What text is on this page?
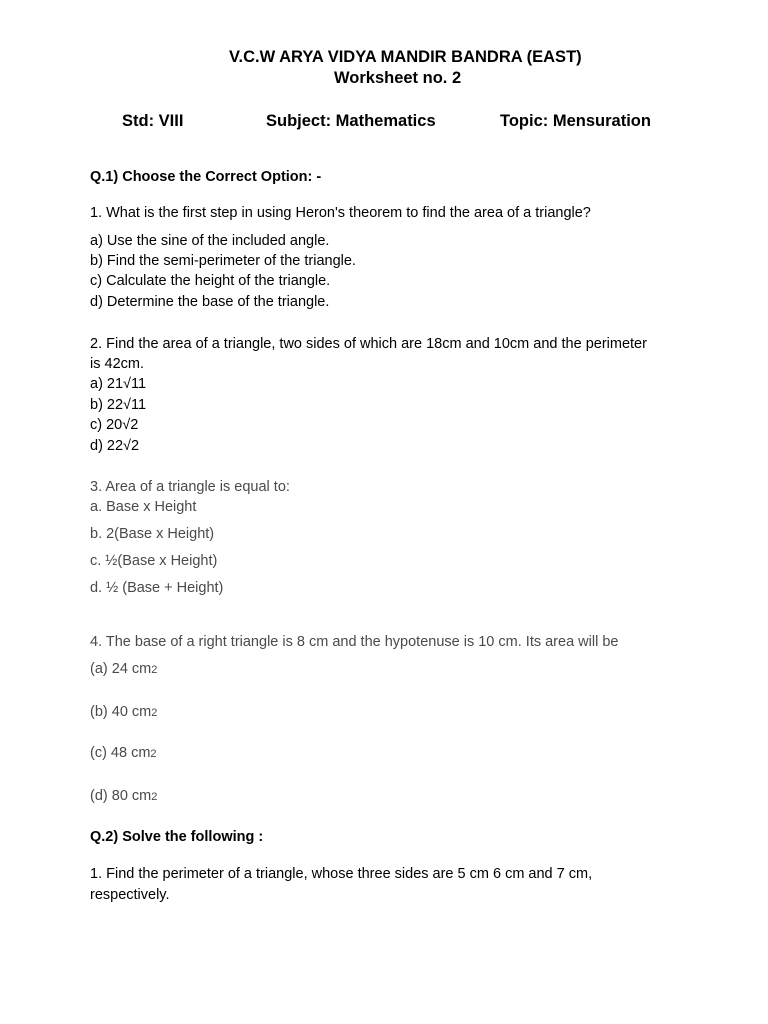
V.C.W ARYA VIDYA MANDIR BANDRA (EAST)
Worksheet no. 2
Std: VIII	Subject: Mathematics	Topic: Mensuration
Q.1) Choose the Correct Option: -
1. What is the first step in using Heron's theorem to find the area of a triangle?
a) Use the sine of the included angle.
b) Find the semi-perimeter of the triangle.
c) Calculate the height of the triangle.
d) Determine the base of the triangle.
2. Find the area of a triangle, two sides of which are 18cm and 10cm and the perimeter
is 42cm.
a) 21√11
b) 22√11
c) 20√2
d) 22√2
3. Area of a triangle is equal to:
a. Base x Height
b. 2(Base x Height)
c. ½(Base x Height)
d. ½ (Base + Height)
4. The base of a right triangle is 8 cm and the hypotenuse is 10 cm. Its area will be
(a) 24 cm2
(b) 40 cm2
(c) 48 cm2
(d) 80 cm2
Q.2) Solve the following :
1. Find the perimeter of a triangle, whose three sides are 5 cm 6 cm and 7 cm,
respectively.
